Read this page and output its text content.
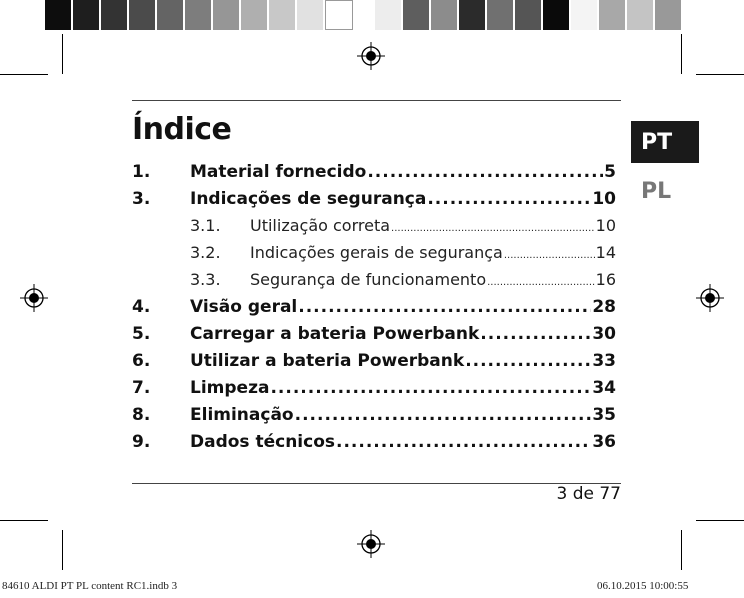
Índice
1.	Material fornecido .....	5
3.	Indicações de segurança .....	10
3.1.	Utilização correta .....	10
3.2.	Indicações gerais de segurança .....	14
3.3.	Segurança de funcionamento .....	16
4.	Visão geral .....	28
5.	Carregar a bateria Powerbank .....	30
6.	Utilizar a bateria Powerbank .....	33
7.	Limpeza .....	34
8.	Eliminação .....	35
9.	Dados técnicos .....	36
PT
PL
3 de 77
84610 ALDI PT PL content RC1.indb 3	06.10.2015 10:00:55
